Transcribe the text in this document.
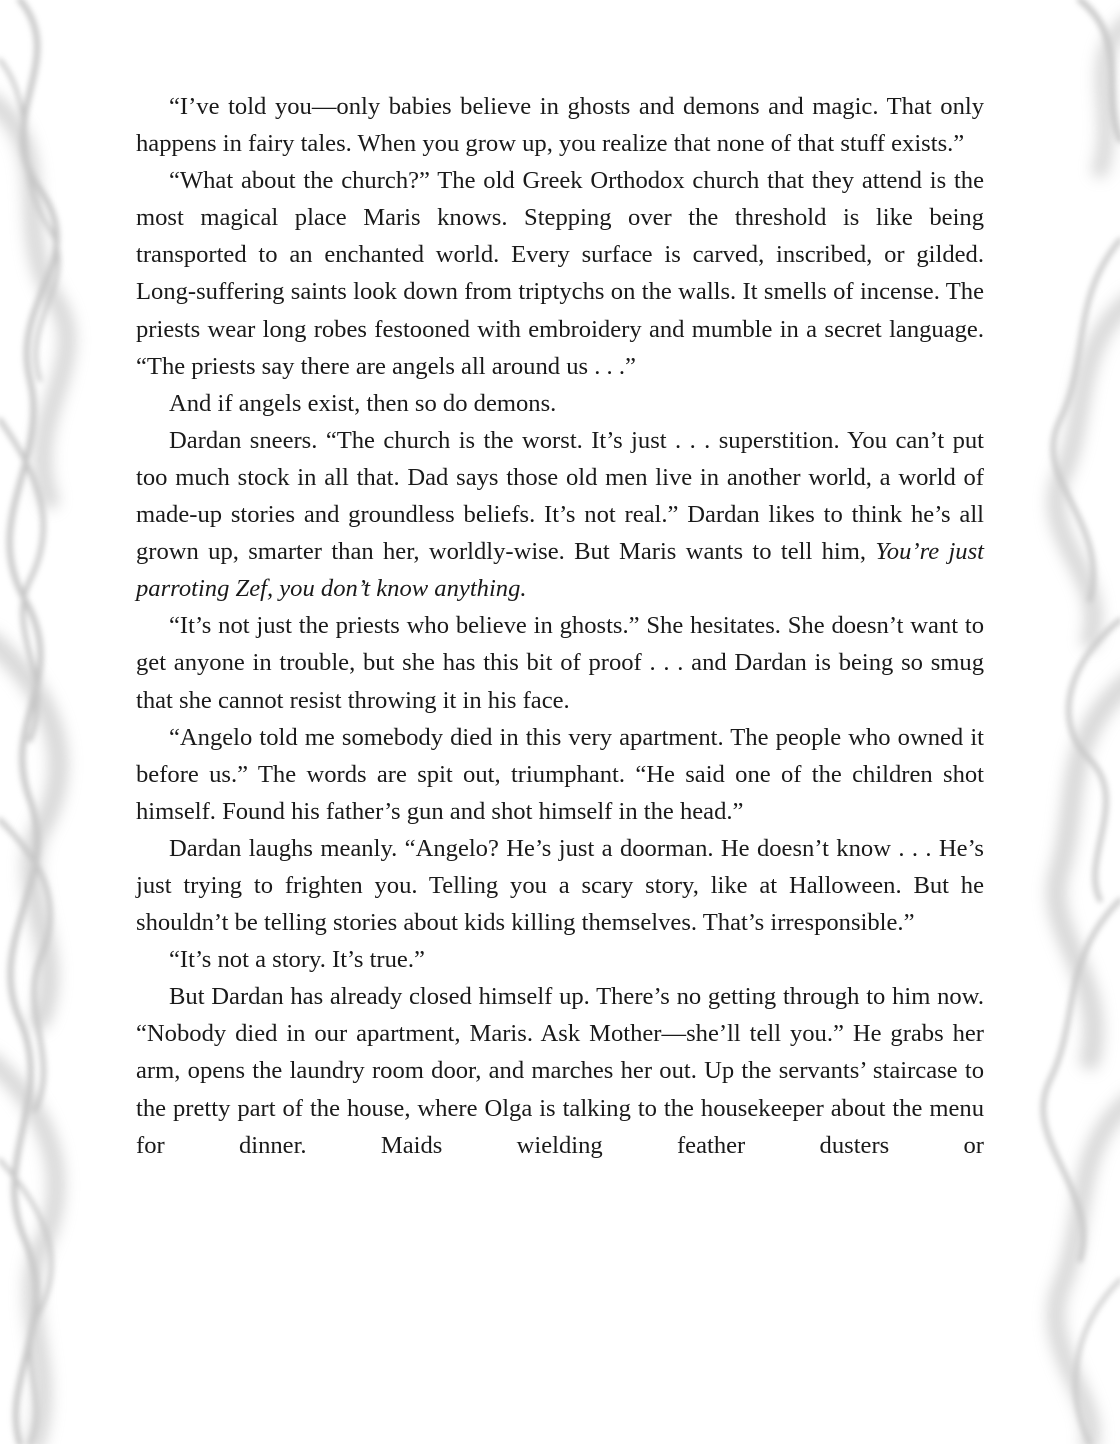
“I’ve told you—only babies believe in ghosts and demons and magic. That only happens in fairy tales. When you grow up, you realize that none of that stuff exists.”

“What about the church?” The old Greek Orthodox church that they attend is the most magical place Maris knows. Stepping over the threshold is like being transported to an enchanted world. Every surface is carved, inscribed, or gilded. Long-suffering saints look down from triptychs on the walls. It smells of incense. The priests wear long robes festooned with embroidery and mumble in a secret language. “The priests say there are angels all around us . . .”

And if angels exist, then so do demons.

Dardan sneers. “The church is the worst. It’s just . . . superstition. You can’t put too much stock in all that. Dad says those old men live in another world, a world of made-up stories and groundless beliefs. It’s not real.” Dardan likes to think he’s all grown up, smarter than her, worldly-wise. But Maris wants to tell him, You’re just parroting Zef, you don’t know anything.

“It’s not just the priests who believe in ghosts.” She hesitates. She doesn’t want to get anyone in trouble, but she has this bit of proof . . . and Dardan is being so smug that she cannot resist throwing it in his face.

“Angelo told me somebody died in this very apartment. The people who owned it before us.” The words are spit out, triumphant. “He said one of the children shot himself. Found his father’s gun and shot himself in the head.”

Dardan laughs meanly. “Angelo? He’s just a doorman. He doesn’t know . . . He’s just trying to frighten you. Telling you a scary story, like at Halloween. But he shouldn’t be telling stories about kids killing themselves. That’s irresponsible.”

“It’s not a story. It’s true.”

But Dardan has already closed himself up. There’s no getting through to him now. “Nobody died in our apartment, Maris. Ask Mother—she’ll tell you.” He grabs her arm, opens the laundry room door, and marches her out. Up the servants’ staircase to the pretty part of the house, where Olga is talking to the housekeeper about the menu for dinner. Maids wielding feather dusters or
